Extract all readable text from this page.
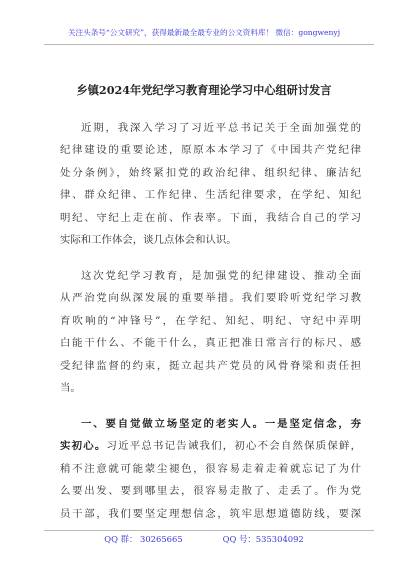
关注头条号“公文研究”，获得最新最全最专业的公文资料库！ 微信：gongwenyj
乡镇2024年党纪学习教育理论学习中心组研讨发言
近期，我深入学习了习近平总书记关于全面加强党的
纪律建设的重要论述，原原本本学习了《中国共产党纪律
处分条例》，始终紧扣党的政治纪律、组织纪律、廉洁纪
律、群众纪律、工作纪律、生活纪律要求，在学纪、知纪
明纪、守纪上走在前、作表率。下面，我结合自己的学习
实际和工作体会，谈几点体会和认识。
这次党纪学习教育，是加强党的纪律建设、推动全面
从严治党向纵深发展的重要举措。我们要聆听党纪学习教
育吹响的“冲锋号”，在学纪、知纪、明纪、守纪中弄明
白能干什么、不能干什么，真正把准日常言行的标尺、感
受纪律监督的约束，挺立起共产党员的风骨脊梁和责任担
当。
一、要自觉做立场坚定的老实人。一是坚定信念，夯
实初心。习近平总书记告诫我们，初心不会自然保质保鲜，
稍不注意就可能蒙尘褪色，很容易走着走着就忘记了为什
么要出发、要到哪里去，很容易走散了、走丢了。作为党
员干部，我们要坚定理想信念，筑牢思想道德防线，要深
QQ 群： 30265665	QQ 号：535304092
